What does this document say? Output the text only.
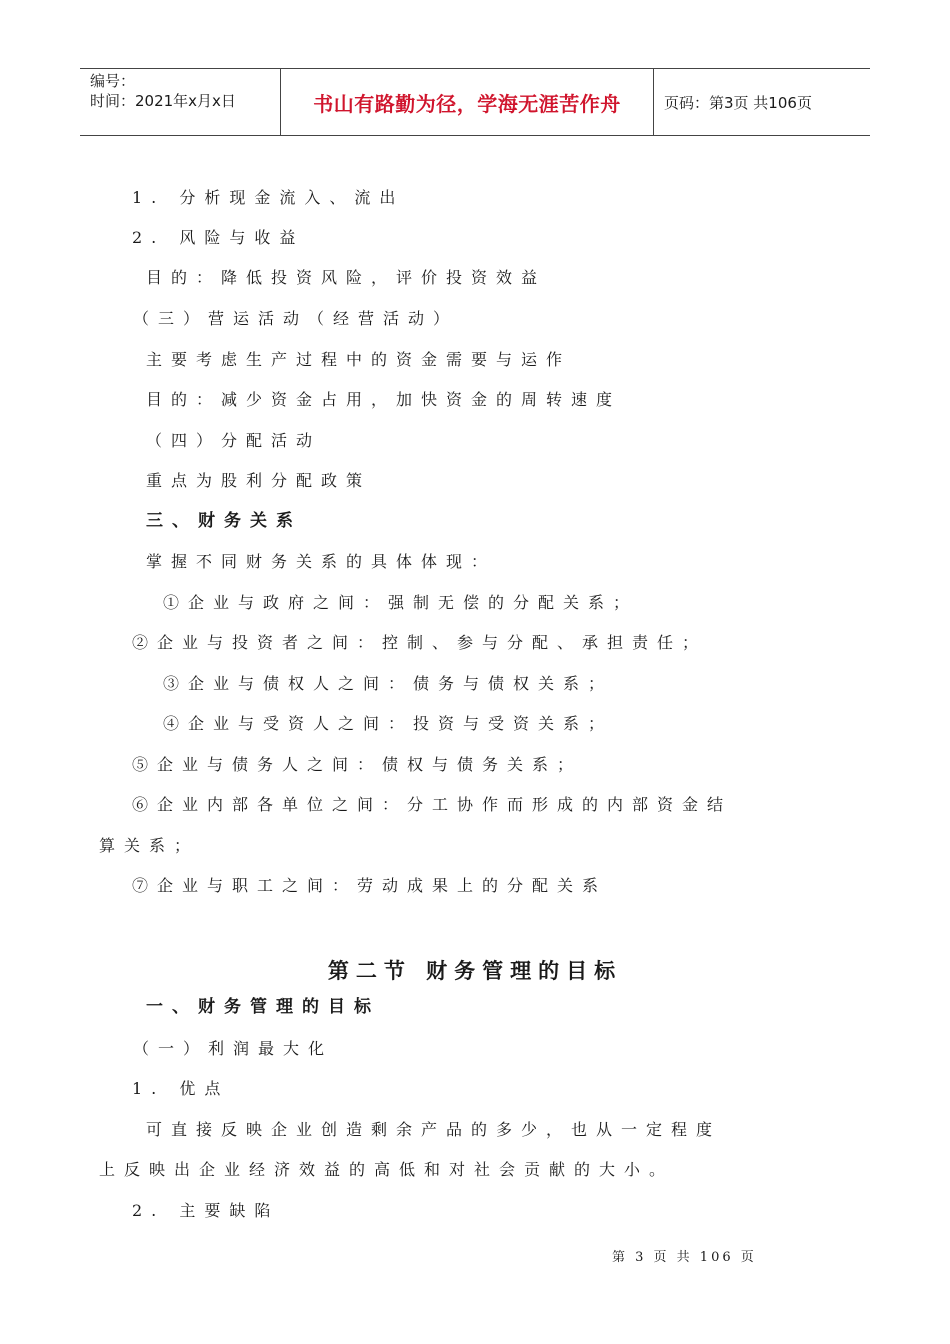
编号：
时间：2021年x月x日	书山有路勤为径，学海无涯苦作舟	页码：第3页 共106页
1. 分析现金流入、流出
2. 风险与收益
目的：降低投资风险，评价投资效益
（三）营运活动（经营活动）
主要考虑生产过程中的资金需要与运作
目的：减少资金占用，加快资金的周转速度
（四）分配活动
重点为股利分配政策
三、财务关系
掌握不同财务关系的具体体现：
①企业与政府之间：强制无偿的分配关系；
②企业与投资者之间：控制、参与分配、承担责任；
③企业与债权人之间：债务与债权关系；
④企业与受资人之间：投资与受资关系；
⑤企业与债务人之间：债权与债务关系；
⑥企业内部各单位之间：分工协作而形成的内部资金结
算关系；
⑦企业与职工之间：劳动成果上的分配关系
第二节 财务管理的目标
一、财务管理的目标
（一）利润最大化
1. 优点
可直接反映企业创造剩余产品的多少，也从一定程度
上反映出企业经济效益的高低和对社会贡献的大小。
2. 主要缺陷
第 3 页 共 106 页
